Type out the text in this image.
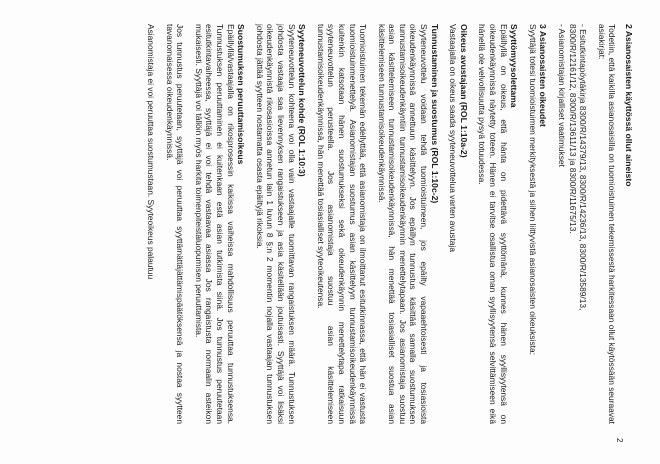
2
2 Asianosaisten käyttössä ollut aineisto

Todetiin, että kaikilla asianosaisilla on tuomioistuimen tekemissestä harkitessaan ollut käytössään seuraavat asiakirjat:

- Esitutkintapöytäkirja 8300/R/14379/13, 8300/R/14236/13, 8300/R/13589/13,
8300/R/12161/12, 8300/R/13611/13 ja 8300/R/11675/13.
- Asianomistajan kirjalliset vaatimukset
3 Asianosaisten oikeudet

Syyttäjä totesi tuomioistuimen merkityksestä ja siihen liittyvistä asianosaisten oikeuksista:

Syyttömyysolettama

Epäillyllä on oikeus, että hänta on pidettävä syyttömänä, kunnes hänen syyllisyytensä on oikeudenkäynnissä näytetty toteen. Hänen ei tarvitse osallistua oman syyllisyytensä selvittämiseen eikä hänellä ole velvollisuutta pysyä totuudessa.

Oikeus avustajaan (ROL 1:10a-2)

Vastaajalla on oikeus saada syyteneuvottelua varten avustaja

Tunnustaminen ja suostumus (ROL 1:10c-2)

Syyteneuvottelu voidaan tehdä tuomioistuimeen, jos epäilty vapaaehtoisesti ja tosiasioista oikeudenkäynnissä annettuun käsittelyyn. Jos epäillyn tunnustus käsittää samalla suostumuksen tunnustamisoikeudenkäyntiin tunnustamisoikeudenkäynnin menettelytapaan. Jos asianomistaja suostuu asian käsittelemiseen tunnustamisoikeudenkäynnissä, hän menettää tosiasialliset suostua asian käsittelemiseen tunnustamisoikeudenkäynnissä.

Tuomioistuimen tekemän edellyttää, että asianomistaja on ilmoittanut esitutkinnassa, että hän ei vastusta tuomioistuinmenettelyä. Asianomistajan suostumus asian käsittelyyn tunnustamisoikeudenkäynnissä kuitenkin katsotaan hänen suostumukseksi sekä oikeudenkäynnin menettelytapa ratkaisuun syyteneuvottelun perusteella. Jos asianomistaja suostuu asian käsittelemiseen tunnustamisoikeudenkäynnissä, hän menettää tosiasialliset syyteoikeutensa.

Syyteneuvottelun kohde (ROL 1:10:3)

Syyteneuvottelun kohteena voi olla vain vastaajalle tuomittavan rangaistuksen määrä. Tunnustuksen johdosta vastaaja saa lievennyksen rangaistukseen ja asia käsitellään joutuisasti. Syyttäjä voi lisäksi oikeudenkäynnistä rikosasioissa annetun lain 1 luvun 8 §:n 2 momentin nojalla vastaajan tunnustuksen johdosta jättää syytteen nostamatta osasta epäiltyjä rikoksia.

Suostumuksen peruuttamisoikeus

Epäillyllä/vastaajalla on rikosprosessin kaikissa vaiheissa mahdollisuus peruuttaa tunnustuksensa. Tunnustuksen peruuttaminen ei kuitenkaan estä asian tutkimista siinä. Jos tunnustus peruutetaan esitutkintavaiheessa, syyttäjä ei voi tehdä vastaavaa asiassa Jos rangaistusta normaalin asteikon mukaisesti. Syyttäjä voi tällöin myös harkita toimenpiteistäluopumisen peruuttamista.

Jos tunnustus peruutetaan, syyttäjä voi peruuttaa syyttämättäjättämispäätöksensä ja nostaa syytteen tavanomaisessa oikeudenkäynnissä.

Asianomistaja ei voi peruuttaa suostumustaan. Syyteoikeus palautuu
